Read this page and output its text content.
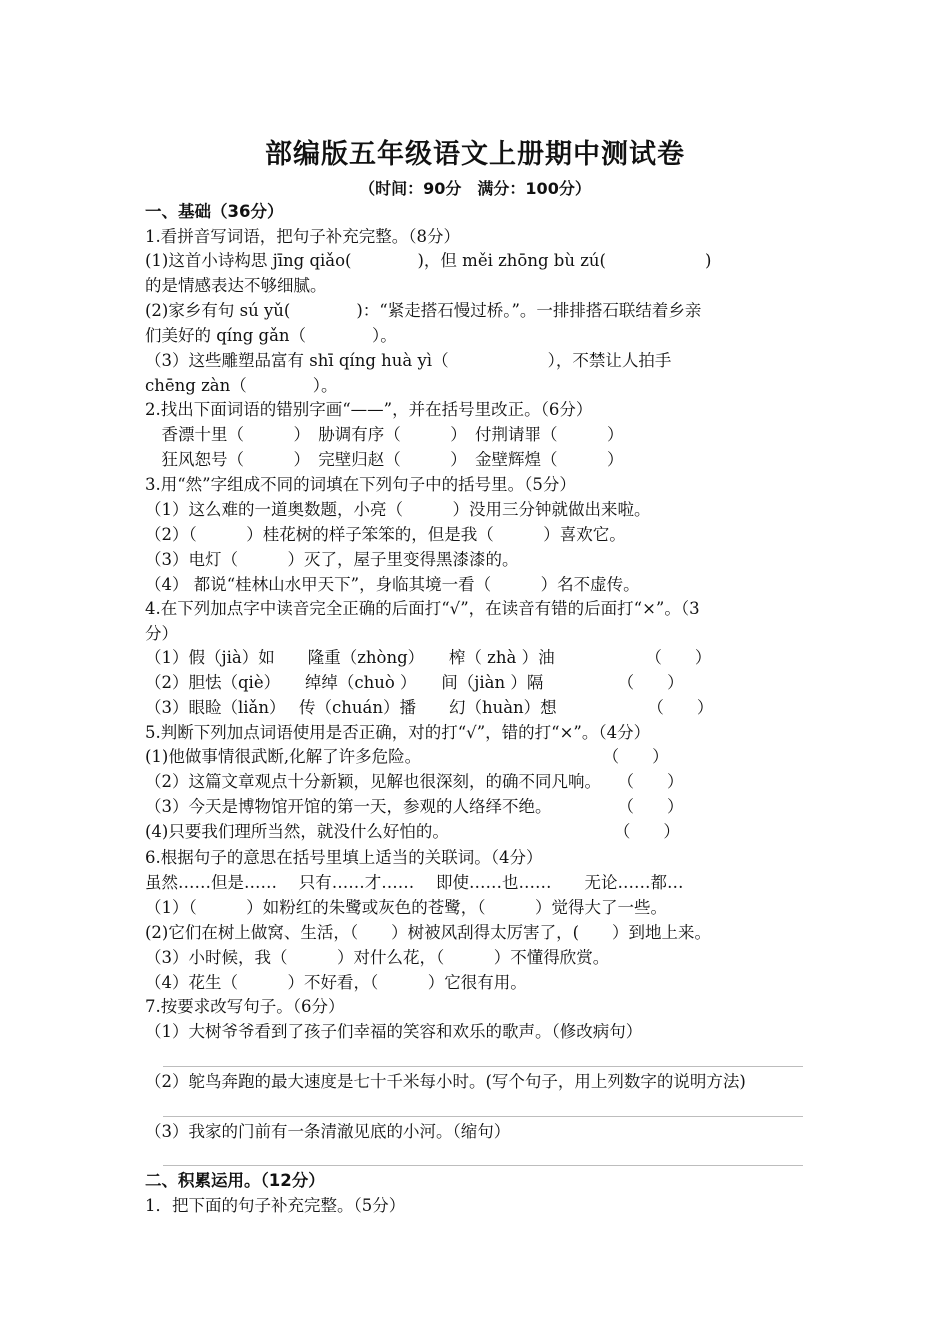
部编版五年级语文上册期中测试卷
（时间：90分　满分：100分）
一、基础（36分）
1.看拼音写词语，把句子补充完整。（8分）
(1)这首小诗构思 jīng qiǎo(　　　　)，但 měi zhōng bù zú(　　　　　　)
的是情感表达不够细腻。
(2)家乡有句 sú yǔ(　　　　)：“紧走搭石慢过桥。”。一排排搭石联结着乡亲
们美好的 qíng gǎn（　　　　）。
（3）这些雕塑品富有 shī qíng huà yì（　　　　　　），不禁让人拍手
chēng zàn（　　　　）。
2.找出下面词语的错别字画“——”，并在括号里改正。（6分）
　香漂十里（　　　）　胁调有序（　　　）　付荆请罪（　　　）
　狂风恕号（　　　）　完壁归赵（　　　）　金壁辉煌（　　　）
3.用“然”字组成不同的词填在下列句子中的括号里。（5分）
（1）这么难的一道奥数题，小亮（　　　）没用三分钟就做出来啦。
（2）（　　　）桂花树的样子笨笨的，但是我（　　　）喜欢它。
（3）电灯（　　　）灭了，屋子里变得黑漆漆的。
（4） 都说“桂林山水甲天下”，身临其境一看（　　　）名不虚传。
4.在下列加点字中读音完全正确的后面打“√”，在读音有错的后面打“×”。（3
分）
（1）假（jià）如　　隆重（zhòng）　　榨（ zhà ）油　　　　　　（　　）
（2）胆怯（qiè）　　绰绰（chuò ）　　间（jiàn ）隔　　　　　（　　）
（3）眼睑（liǎn）　 传（chuán）播　　幻（huàn）想　　　　　　（　　）
5.判断下列加点词语使用是否正确，对的打“√”，错的打“×”。（4分）
(1)他做事情很武断,化解了许多危险。　　　　　　　　　　　　（　　）
（2）这篇文章观点十分新颖，见解也很深刻，的确不同凡响。　　（　　）
（3）今天是博物馆开馆的第一天，参观的人络绎不绝。　　　　　（　　）
(4)只要我们理所当然，就没什么好怕的。　　　　　　　　　　　（　　）
6.根据句子的意思在括号里填上适当的关联词。（4分）
虽然……但是……　 只有……才……　 即使……也……　　无论……都…
（1）（　　　）如粉红的朱鹭或灰色的苍鹭，（　　　）觉得大了一些。
(2)它们在树上做窝、生活，（　　）树被风刮得太厉害了，(　　）到地上来。
（3）小时候，我（　　　）对什么花，（　　　）不懂得欣赏。
（4）花生（　　　）不好看，（　　　）它很有用。
7.按要求改写句子。（6分）
（1）大树爷爷看到了孩子们幸福的笑容和欢乐的歌声。（修改病句）
（2）鸵鸟奔跑的最大速度是七十千米每小时。(写个句子，用上列数字的说明方法)
（3）我家的门前有一条清澈见底的小河。（缩句）
二、积累运用。（12分）
1．把下面的句子补充完整。（5分）
